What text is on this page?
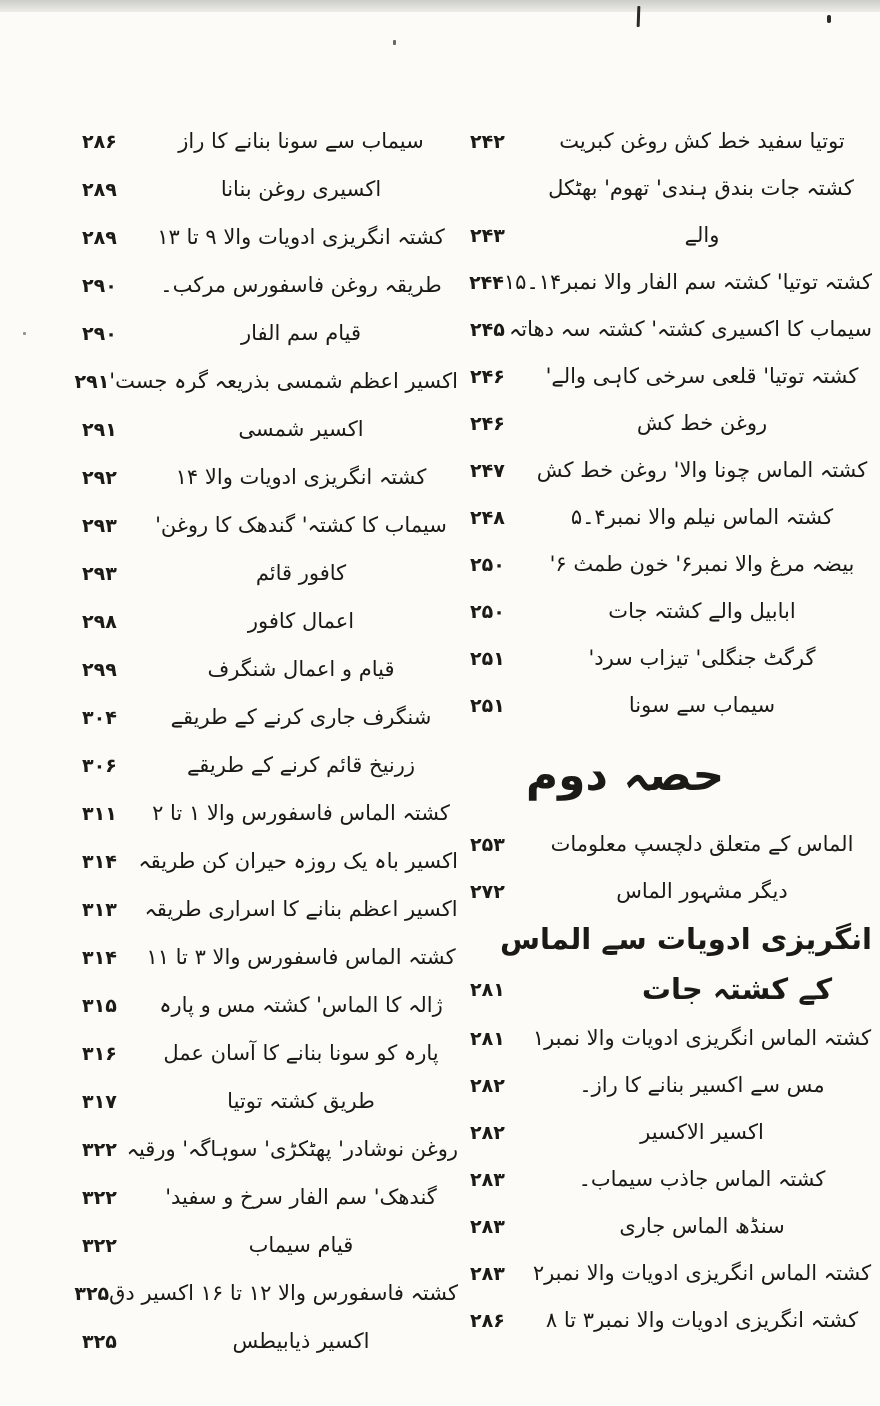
توتیا سفید خط کش روغن کبریت
۲۴۲
کشتہ جات بندق ہندی' تھوم' بھٹکل
والے
۲۴۳
کشتہ توتیا' کشتہ سم الفار والا نمبر۱۴۔۱۵
۲۴۴
سیماب کا اکسیری کشتہ' کشتہ سہ دھاتہ
۲۴۵
کشتہ توتیا' قلعی سرخی کاہی والے'
۲۴۶
روغن خط کش
۲۴۶
کشتہ الماس چونا والا' روغن خط کش
۲۴۷
کشتہ الماس نیلم والا نمبر۴۔۵
۲۴۸
بیضہ مرغ والا نمبر۶' خون طمث ۶'
۲۵۰
ابابیل والے کشتہ جات
۲۵۰
گرگٹ جنگلی' تیزاب سرد'
۲۵۱
سیماب سے سونا
۲۵۱
حصہ دوم
الماس کے متعلق دلچسپ معلومات
۲۵۳
دیگر مشہور الماس
۲۷۲
انگریزی ادویات سے الماس
کے کشتہ جات
۲۸۱
کشتہ الماس انگریزی ادویات والا نمبر۱
۲۸۱
مس سے اکسیر بنانے کا راز۔
۲۸۲
اکسیر الاکسیر
۲۸۲
کشتہ الماس جاذب سیماب۔
۲۸۳
سنڈھ الماس جاری
۲۸۳
کشتہ الماس انگریزی ادویات والا نمبر۲
۲۸۳
کشتہ انگریزی ادویات والا نمبر۳ تا ۸
۲۸۶
سیماب سے سونا بنانے کا راز
۲۸۶
اکسیری روغن بنانا
۲۸۹
کشتہ انگریزی ادویات والا ۹ تا ۱۳
۲۸۹
طریقہ روغن فاسفورس مرکب۔
۲۹۰
قیام سم الفار
۲۹۰
اکسیر اعظم شمسی بذریعہ گرہ جست'
۲۹۱
اکسیر شمسی
۲۹۱
کشتہ انگریزی ادویات والا ۱۴
۲۹۲
سیماب کا کشتہ' گندھک کا روغن'
۲۹۳
کافور قائم
۲۹۳
اعمال کافور
۲۹۸
قیام و اعمال شنگرف
۲۹۹
شنگرف جاری کرنے کے طریقے
۳۰۴
زرنیخ قائم کرنے کے طریقے
۳۰۶
کشتہ الماس فاسفورس والا ۱ تا ۲
۳۱۱
اکسیر باہ یک روزہ حیران کن طریقہ
۳۱۴
اکسیر اعظم بنانے کا اسراری طریقہ
۳۱۳
کشتہ الماس فاسفورس والا ۳ تا ۱۱
۳۱۴
ژالہ کا الماس' کشتہ مس و پارہ
۳۱۵
پارہ کو سونا بنانے کا آسان عمل
۳۱۶
طریق کشتہ توتیا
۳۱۷
روغن نوشادر' پھٹکڑی' سوہاگہ' ورقیہ
۳۲۲
گندھک' سم الفار سرخ و سفید'
۳۲۲
قیام سیماب
۳۲۲
کشتہ فاسفورس والا ۱۲ تا ۱۶ اکسیر دق
۳۲۵
اکسیر ذیابیطس
۳۲۵
